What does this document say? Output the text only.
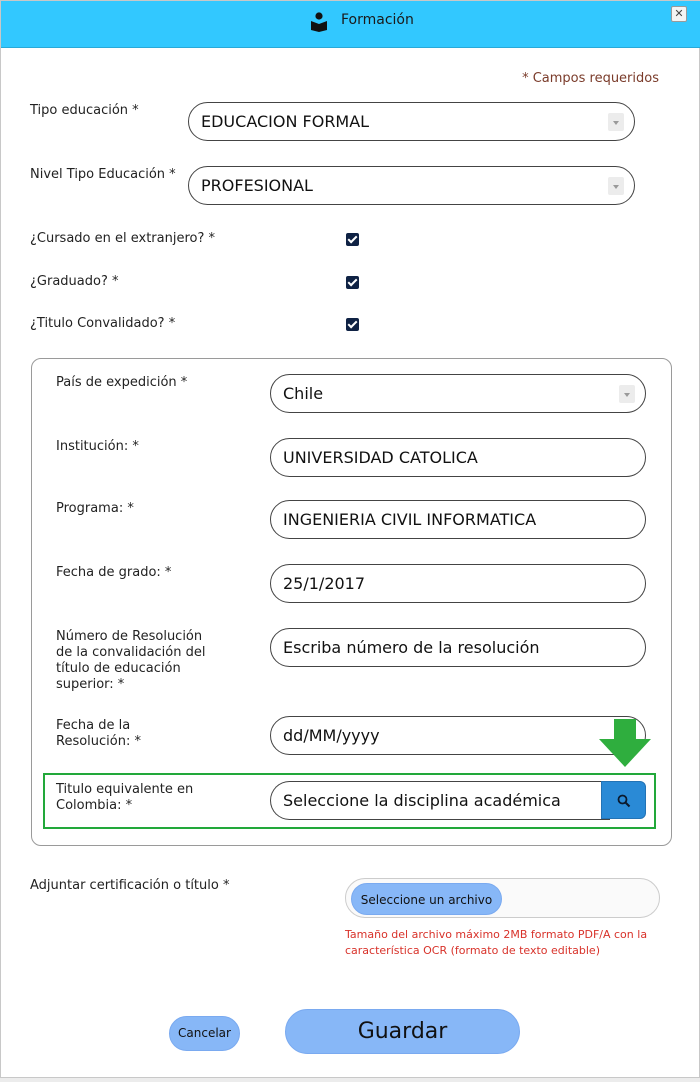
Formación	✕
* Campos requeridos
Tipo educación *
EDUCACION FORMAL
Nivel Tipo Educación *
PROFESIONAL
¿Cursado en el extranjero? *
¿Graduado? *
¿Titulo Convalidado? *
País de expedición *
Chile
Institución: *
UNIVERSIDAD CATOLICA
Programa: *
INGENIERIA CIVIL INFORMATICA
Fecha de grado: *
25/1/2017
Número de Resolución
de la convalidación del
título de educación
superior: *
Escriba número de la resolución
Fecha de la
Resolución: *	dd/MM/yyyy
Titulo equivalente en
Colombia: *	Seleccione la disciplina académica
Adjuntar certificación o título *
Seleccione un archivo
Tamaño del archivo máximo 2MB formato PDF/A con la
característica OCR (formato de texto editable)
Cancelar	Guardar
